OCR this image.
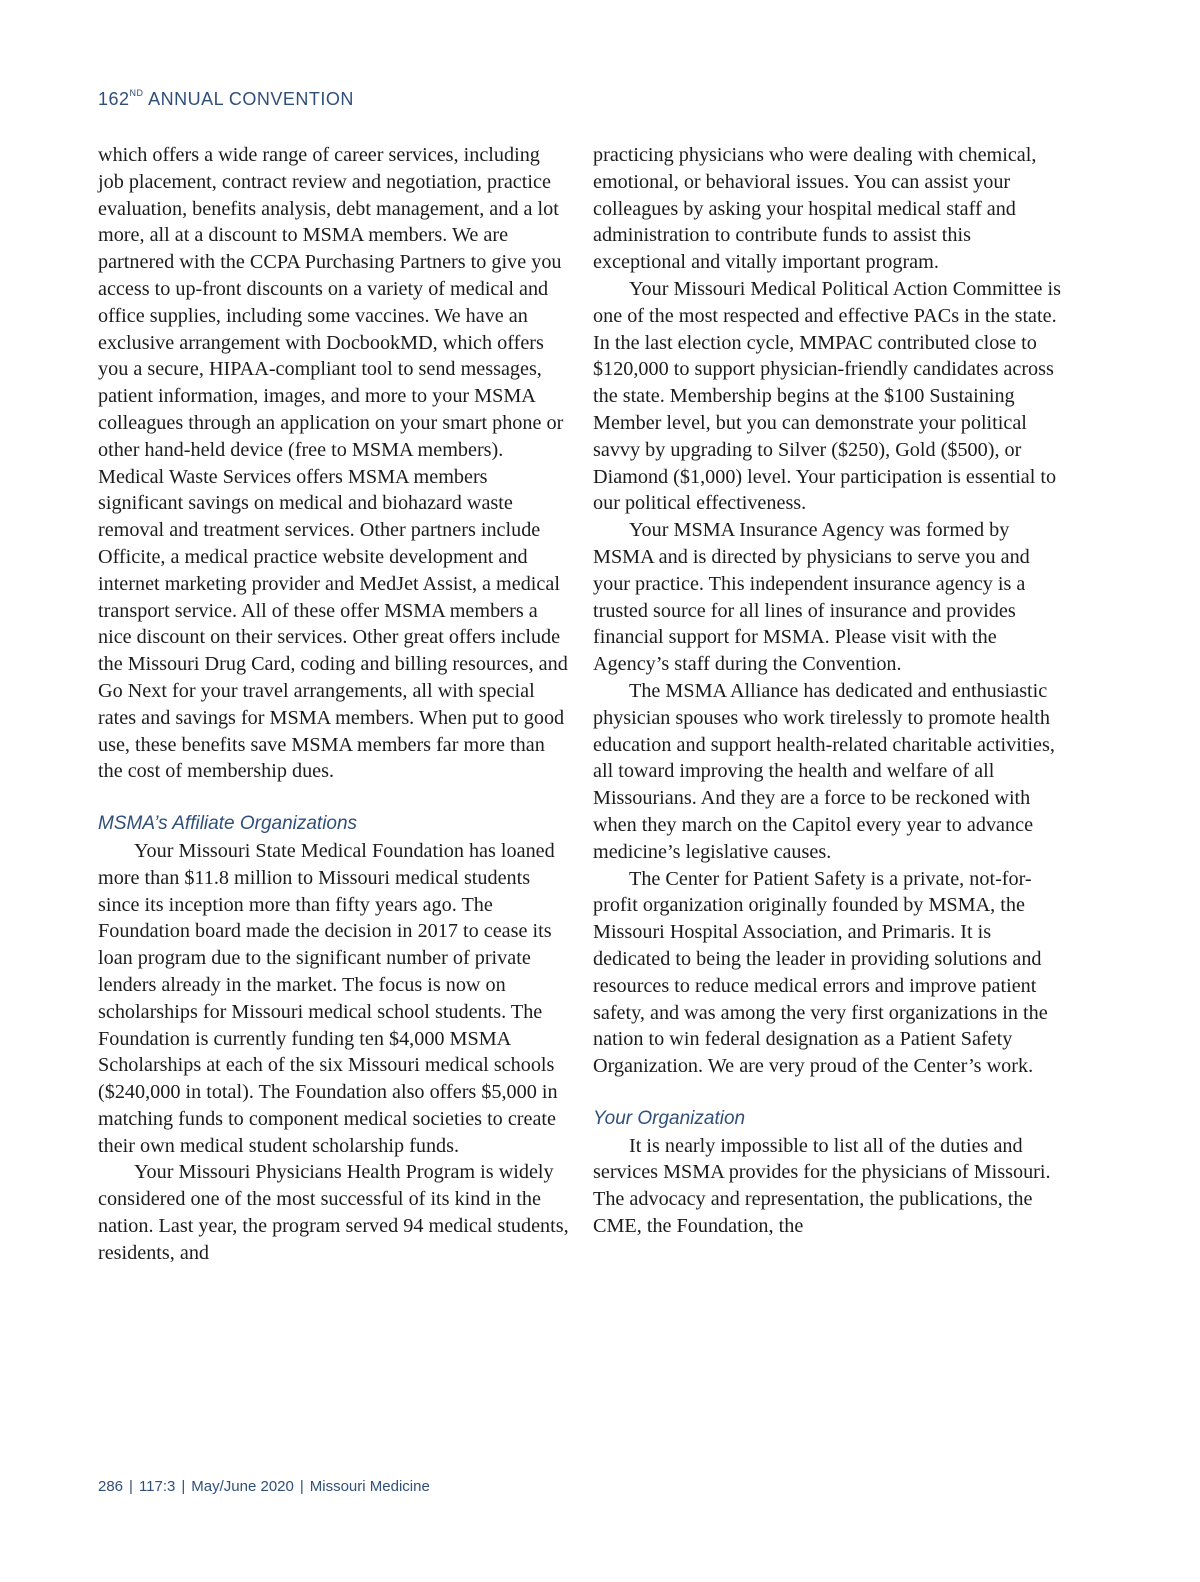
162ND ANNUAL CONVENTION

which offers a wide range of career services, including job placement, contract review and negotiation, practice evaluation, benefits analysis, debt management, and a lot more, all at a discount to MSMA members. We are partnered with the CCPA Purchasing Partners to give you access to up-front discounts on a variety of medical and office supplies, including some vaccines. We have an exclusive arrangement with DocbookMD, which offers you a secure, HIPAA-compliant tool to send messages, patient information, images, and more to your MSMA colleagues through an application on your smart phone or other hand-held device (free to MSMA members). Medical Waste Services offers MSMA members significant savings on medical and biohazard waste removal and treatment services. Other partners include Officite, a medical practice website development and internet marketing provider and MedJet Assist, a medical transport service. All of these offer MSMA members a nice discount on their services. Other great offers include the Missouri Drug Card, coding and billing resources, and Go Next for your travel arrangements, all with special rates and savings for MSMA members. When put to good use, these benefits save MSMA members far more than the cost of membership dues.

MSMA’s Affiliate Organizations

Your Missouri State Medical Foundation has loaned more than $11.8 million to Missouri medical students since its inception more than fifty years ago. The Foundation board made the decision in 2017 to cease its loan program due to the significant number of private lenders already in the market. The focus is now on scholarships for Missouri medical school students. The Foundation is currently funding ten $4,000 MSMA Scholarships at each of the six Missouri medical schools ($240,000 in total). The Foundation also offers $5,000 in matching funds to component medical societies to create their own medical student scholarship funds.

Your Missouri Physicians Health Program is widely considered one of the most successful of its kind in the nation. Last year, the program served 94 medical students, residents, and

practicing physicians who were dealing with chemical, emotional, or behavioral issues. You can assist your colleagues by asking your hospital medical staff and administration to contribute funds to assist this exceptional and vitally important program.

Your Missouri Medical Political Action Committee is one of the most respected and effective PACs in the state. In the last election cycle, MMPAC contributed close to $120,000 to support physician-friendly candidates across the state. Membership begins at the $100 Sustaining Member level, but you can demonstrate your political savvy by upgrading to Silver ($250), Gold ($500), or Diamond ($1,000) level. Your participation is essential to our political effectiveness.

Your MSMA Insurance Agency was formed by MSMA and is directed by physicians to serve you and your practice. This independent insurance agency is a trusted source for all lines of insurance and provides financial support for MSMA. Please visit with the Agency’s staff during the Convention.

The MSMA Alliance has dedicated and enthusiastic physician spouses who work tirelessly to promote health education and support health-related charitable activities, all toward improving the health and welfare of all Missourians. And they are a force to be reckoned with when they march on the Capitol every year to advance medicine’s legislative causes.

The Center for Patient Safety is a private, not-for-profit organization originally founded by MSMA, the Missouri Hospital Association, and Primaris. It is dedicated to being the leader in providing solutions and resources to reduce medical errors and improve patient safety, and was among the very first organizations in the nation to win federal designation as a Patient Safety Organization. We are very proud of the Center’s work.

Your Organization

It is nearly impossible to list all of the duties and services MSMA provides for the physicians of Missouri. The advocacy and representation, the publications, the CME, the Foundation, the

286 | 117:3 | May/June 2020 | Missouri Medicine
